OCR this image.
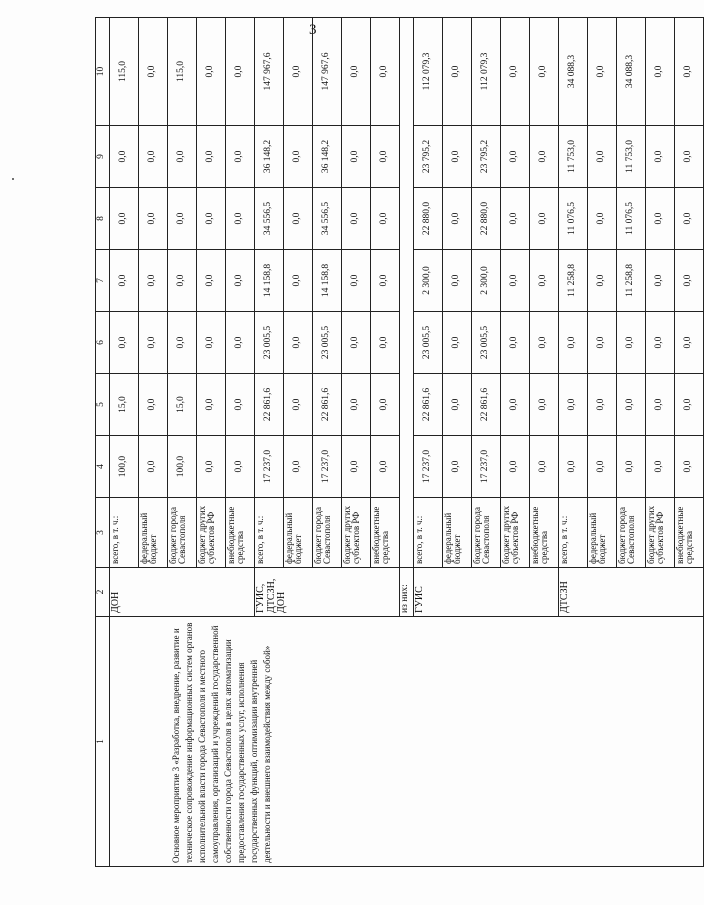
3
1	2	3	4	5	6	7	8	9	10
Основное мероприятие 3 «Разработка, внедрение, развитие и техническое сопровождение информационных систем органов исполнительной власти города Севастополя и местного самоуправления, организаций и учреждений государственной собственности города Севастополя в целях автоматизации предоставления государственных услуг, исполнения государственных функций, оптимизации внутренней деятельности и внешнего взаимодействия между собой»	ДОН	всего, в т. ч.:	100,0	15,0	0,0	0,0	0,0	0,0	115,0
		федеральный бюджет	0,0	0,0	0,0	0,0	0,0	0,0	0,0
		бюджет города Севастополя	100,0	15,0	0,0	0,0	0,0	0,0	115,0
		бюджет других субъектов РФ	0,0	0,0	0,0	0,0	0,0	0,0	0,0
		внебюджетные средства	0,0	0,0	0,0	0,0	0,0	0,0	0,0
	ГУИС, ДТСЗН, ДОН	всего, в т. ч.:	17 237,0	22 861,6	23 005,5	14 158,8	34 556,5	36 148,2	147 967,6
		федеральный бюджет	0,0	0,0	0,0	0,0	0,0	0,0	0,0
		бюджет города Севастополя	17 237,0	22 861,6	23 005,5	14 158,8	34 556,5	36 148,2	147 967,6
		бюджет других субъектов РФ	0,0	0,0	0,0	0,0	0,0	0,0	0,0
		внебюджетные средства	0,0	0,0	0,0	0,0	0,0	0,0	0,0
	из них:								
	ГУИС	всего, в т. ч.:	17 237,0	22 861,6	23 005,5	2 300,0	22 880,0	23 795,2	112 079,3
		федеральный бюджет	0,0	0,0	0,0	0,0	0,0	0,0	0,0
		бюджет города Севастополя	17 237,0	22 861,6	23 005,5	2 300,0	22 880,0	23 795,2	112 079,3
		бюджет других субъектов РФ	0,0	0,0	0,0	0,0	0,0	0,0	0,0
		внебюджетные средства	0,0	0,0	0,0	0,0	0,0	0,0	0,0
	ДТСЗН	всего, в т. ч.:	0,0	0,0	0,0	11 258,8	11 076,5	11 753,0	34 088,3
		федеральный бюджет	0,0	0,0	0,0	0,0	0,0	0,0	0,0
		бюджет города Севастополя	0,0	0,0	0,0	11 258,8	11 076,5	11 753,0	34 088,3
		бюджет других субъектов РФ	0,0	0,0	0,0	0,0	0,0	0,0	0,0
		внебюджетные средства	0,0	0,0	0,0	0,0	0,0	0,0	0,0
